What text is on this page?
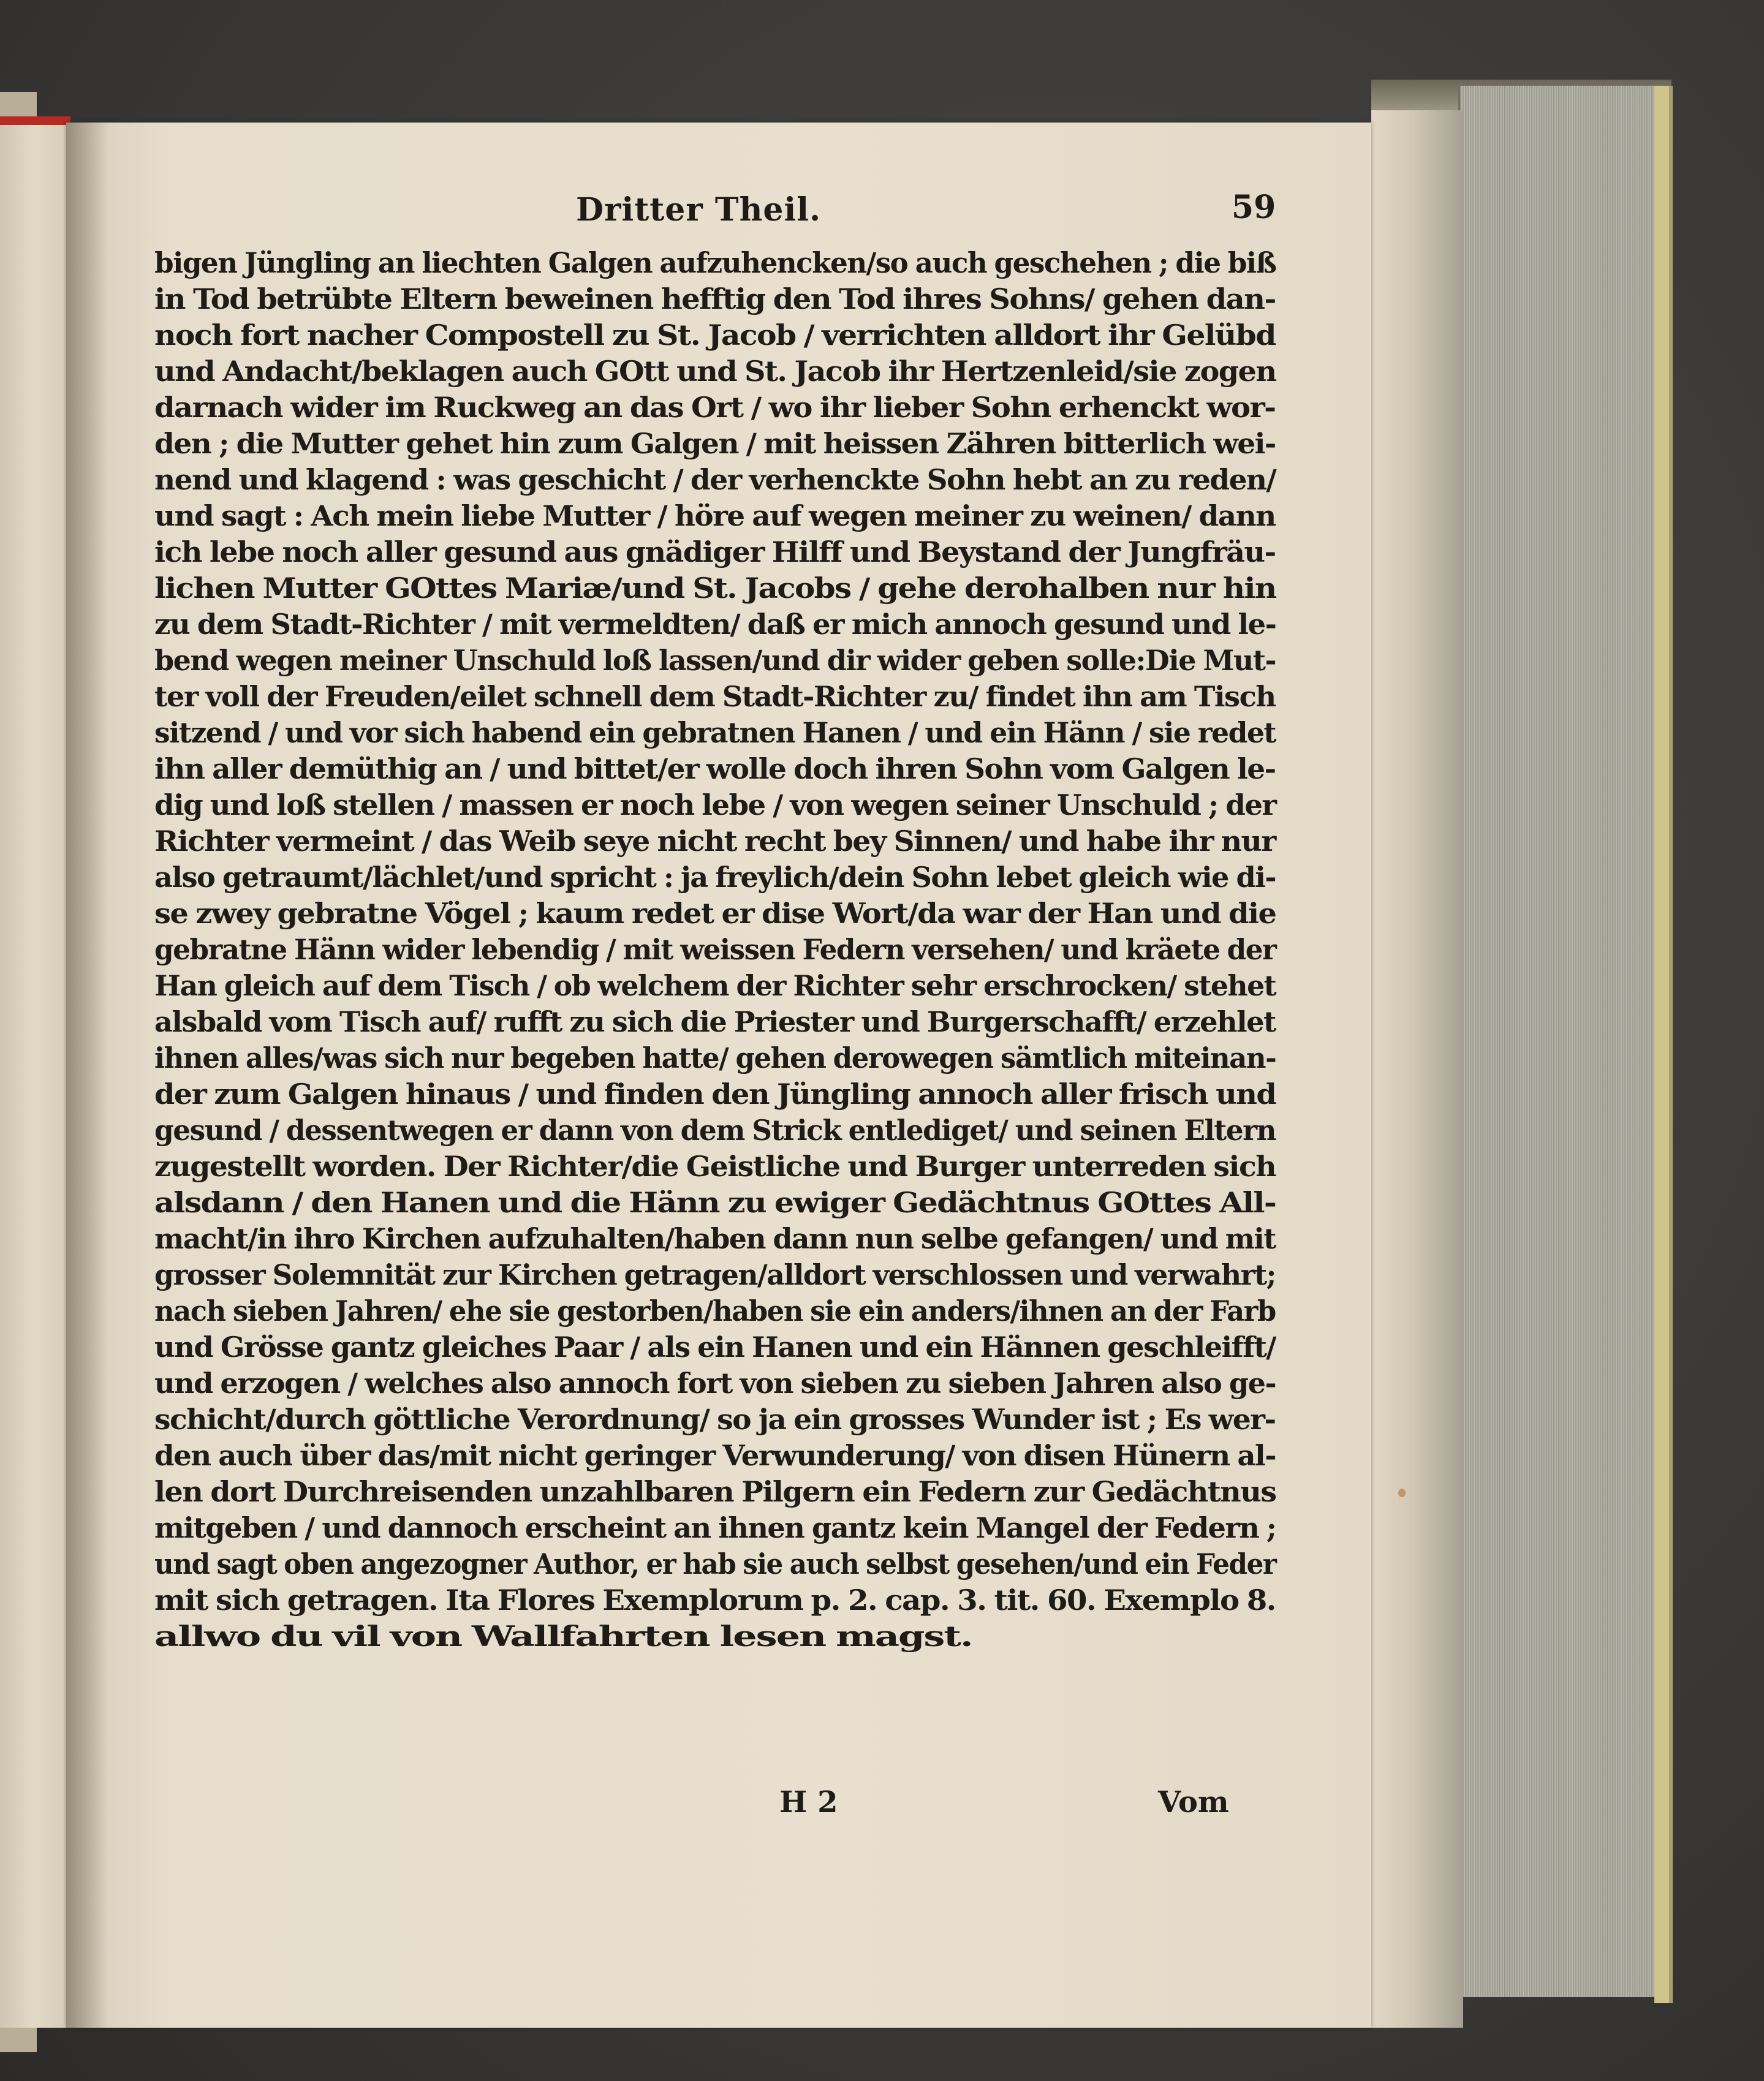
Dritter Theil.	59
bigen Jüngling an liechten Galgen aufzuhencken/so auch geschehen ; die biß
in Tod betrübte Eltern beweinen hefftig den Tod ihres Sohns/ gehen dan-
noch fort nacher Compostell zu St. Jacob / verrichten alldort ihr Gelübd
und Andacht/beklagen auch GOtt und St. Jacob ihr Hertzenleid/sie zogen
darnach wider im Ruckweg an das Ort / wo ihr lieber Sohn erhenckt wor-
den ; die Mutter gehet hin zum Galgen / mit heissen Zähren bitterlich wei-
nend und klagend : was geschicht / der verhenckte Sohn hebt an zu reden/
und sagt : Ach mein liebe Mutter / höre auf wegen meiner zu weinen/ dann
ich lebe noch aller gesund aus gnädiger Hilff und Beystand der Jungfräu-
lichen Mutter GOttes Mariæ/und St. Jacobs / gehe derohalben nur hin
zu dem Stadt-Richter / mit vermeldten/ daß er mich annoch gesund und le-
bend wegen meiner Unschuld loß lassen/und dir wider geben solle:Die Mut-
ter voll der Freuden/eilet schnell dem Stadt-Richter zu/ findet ihn am Tisch
sitzend / und vor sich habend ein gebratnen Hanen / und ein Hänn / sie redet
ihn aller demüthig an / und bittet/er wolle doch ihren Sohn vom Galgen le-
dig und loß stellen / massen er noch lebe / von wegen seiner Unschuld ; der
Richter vermeint / das Weib seye nicht recht bey Sinnen/ und habe ihr nur
also getraumt/lächlet/und spricht : ja freylich/dein Sohn lebet gleich wie di-
se zwey gebratne Vögel ; kaum redet er dise Wort/da war der Han und die
gebratne Hänn wider lebendig / mit weissen Federn versehen/ und kräete der
Han gleich auf dem Tisch / ob welchem der Richter sehr erschrocken/ stehet
alsbald vom Tisch auf/ rufft zu sich die Priester und Burgerschafft/ erzehlet
ihnen alles/was sich nur begeben hatte/ gehen derowegen sämtlich miteinan-
der zum Galgen hinaus / und finden den Jüngling annoch aller frisch und
gesund / dessentwegen er dann von dem Strick entlediget/ und seinen Eltern
zugestellt worden. Der Richter/die Geistliche und Burger unterreden sich
alsdann / den Hanen und die Hänn zu ewiger Gedächtnus GOttes All-
macht/in ihro Kirchen aufzuhalten/haben dann nun selbe gefangen/ und mit
grosser Solemnität zur Kirchen getragen/alldort verschlossen und verwahrt;
nach sieben Jahren/ ehe sie gestorben/haben sie ein anders/ihnen an der Farb
und Grösse gantz gleiches Paar / als ein Hanen und ein Hännen geschleifft/
und erzogen / welches also annoch fort von sieben zu sieben Jahren also ge-
schicht/durch göttliche Verordnung/ so ja ein grosses Wunder ist ; Es wer-
den auch über das/mit nicht geringer Verwunderung/ von disen Hünern al-
len dort Durchreisenden unzahlbaren Pilgern ein Federn zur Gedächtnus
mitgeben / und dannoch erscheint an ihnen gantz kein Mangel der Federn ;
und sagt oben angezogner Author, er hab sie auch selbst gesehen/und ein Feder
mit sich getragen. Ita Flores Exemplorum p. 2. cap. 3. tit. 60. Exemplo 8.
allwo du vil von Wallfahrten lesen magst.
H 2	Vom
